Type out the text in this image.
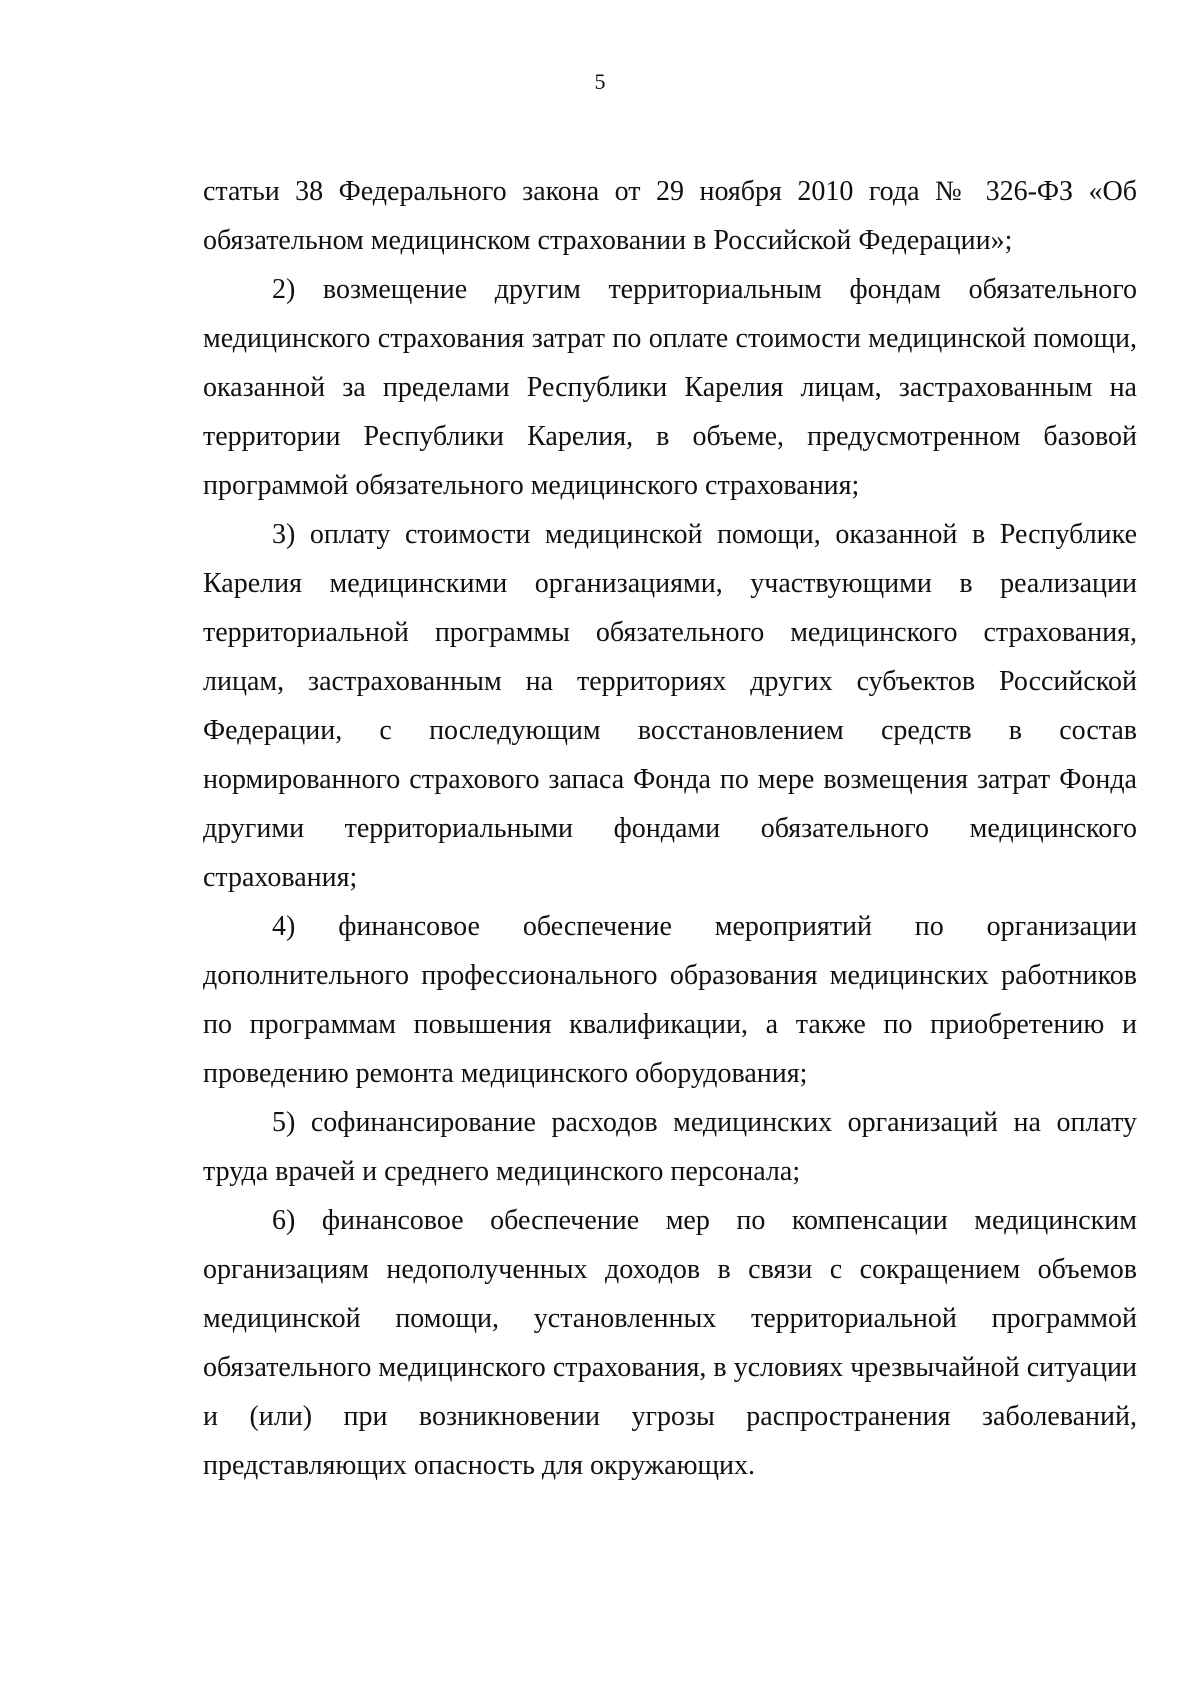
5

статьи 38 Федерального закона от 29 ноября 2010 года № 326-ФЗ «Об обязательном медицинском страховании в Российской Федерации»;

2) возмещение другим территориальным фондам обязательного медицинского страхования затрат по оплате стоимости медицинской помощи, оказанной за пределами Республики Карелия лицам, застрахованным на территории Республики Карелия, в объеме, предусмотренном базовой программой обязательного медицинского страхования;

3) оплату стоимости медицинской помощи, оказанной в Республике Карелия медицинскими организациями, участвующими в реализации территориальной программы обязательного медицинского страхования, лицам, застрахованным на территориях других субъектов Российской Федерации, с последующим восстановлением средств в состав нормированного страхового запаса Фонда по мере возмещения затрат Фонда другими территориальными фондами обязательного медицинского страхования;

4) финансовое обеспечение мероприятий по организации дополнительного профессионального образования медицинских работников по программам повышения квалификации, а также по приобретению и проведению ремонта медицинского оборудования;

5) софинансирование расходов медицинских организаций на оплату труда врачей и среднего медицинского персонала;

6) финансовое обеспечение мер по компенсации медицинским организациям недополученных доходов в связи с сокращением объемов медицинской помощи, установленных территориальной программой обязательного медицинского страхования, в условиях чрезвычайной ситуации и (или) при возникновении угрозы распространения заболеваний, представляющих опасность для окружающих.
